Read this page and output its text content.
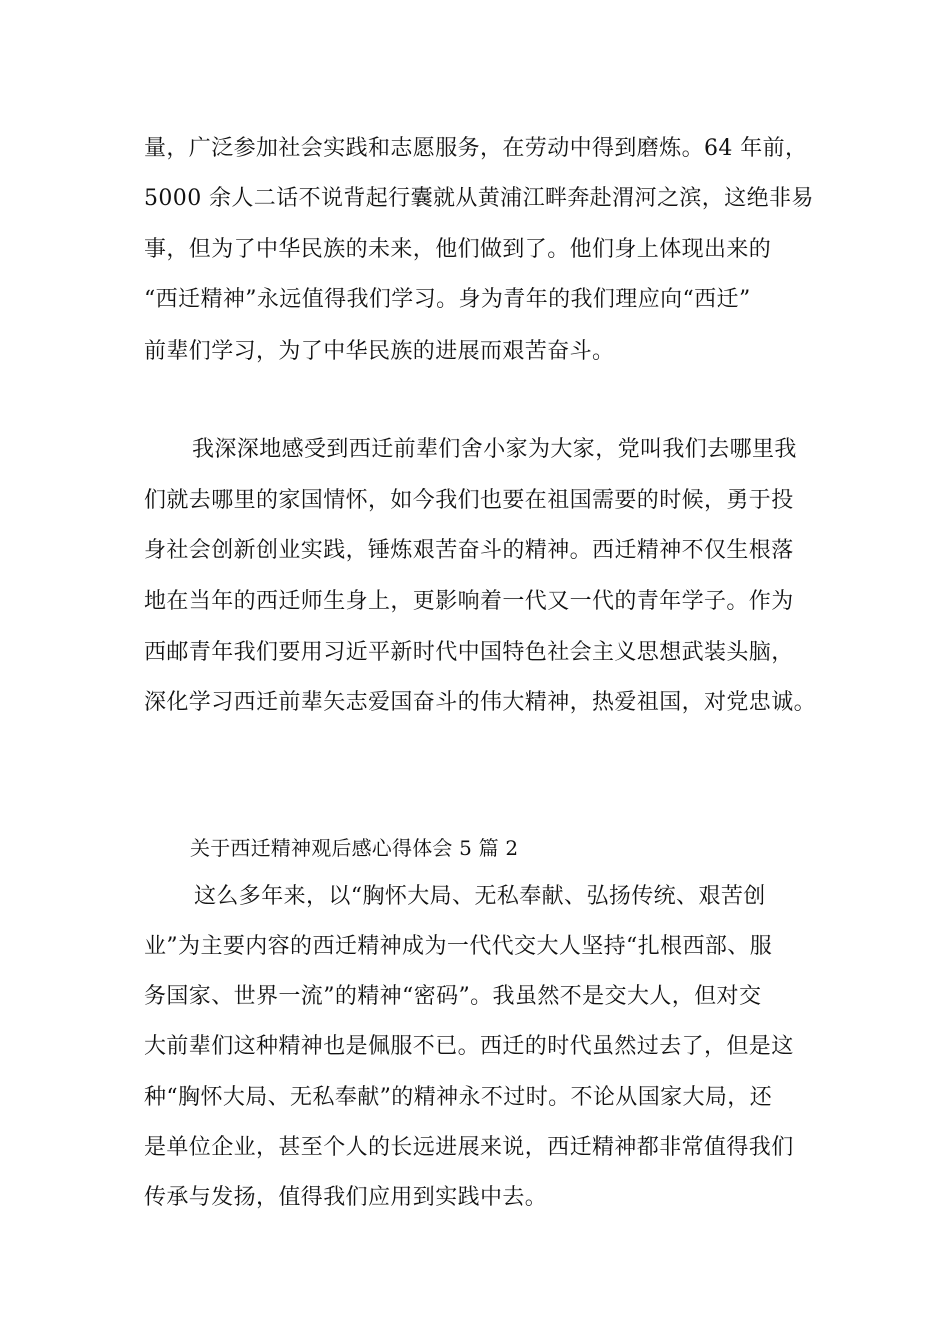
量，广泛参加社会实践和志愿服务，在劳动中得到磨炼。64 年前，
5000 余人二话不说背起行囊就从黄浦江畔奔赴渭河之滨，这绝非易
事，但为了中华民族的未来，他们做到了。他们身上体现出来的
“西迁精神”永远值得我们学习。身为青年的我们理应向“西迁”
前辈们学习，为了中华民族的进展而艰苦奋斗。
我深深地感受到西迁前辈们舍小家为大家，党叫我们去哪里我
们就去哪里的家国情怀，如今我们也要在祖国需要的时候，勇于投
身社会创新创业实践，锤炼艰苦奋斗的精神。西迁精神不仅生根落
地在当年的西迁师生身上，更影响着一代又一代的青年学子。作为
西邮青年我们要用习近平新时代中国特色社会主义思想武装头脑，
深化学习西迁前辈矢志爱国奋斗的伟大精神，热爱祖国，对党忠诚。
关于西迁精神观后感心得体会 5 篇 2
这么多年来，以“胸怀大局、无私奉献、弘扬传统、艰苦创
业”为主要内容的西迁精神成为一代代交大人坚持“扎根西部、服
务国家、世界一流”的精神“密码”。我虽然不是交大人，但对交
大前辈们这种精神也是佩服不已。西迁的时代虽然过去了，但是这
种“胸怀大局、无私奉献”的精神永不过时。不论从国家大局，还
是单位企业，甚至个人的长远进展来说，西迁精神都非常值得我们
传承与发扬，值得我们应用到实践中去。
